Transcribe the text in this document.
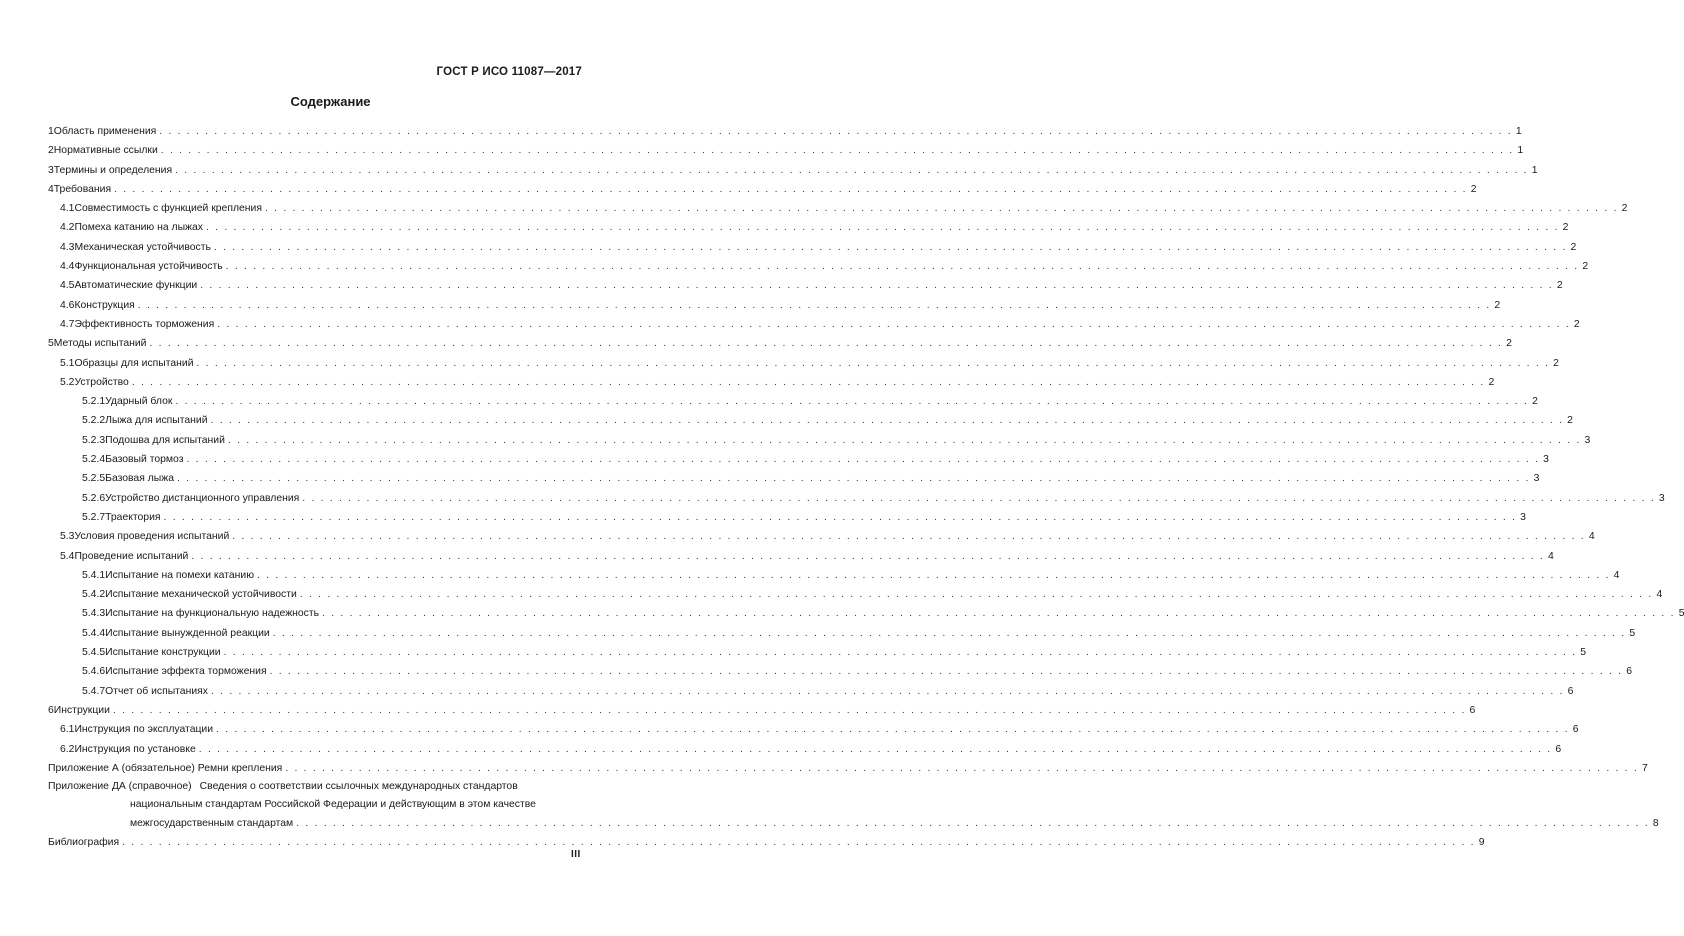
ГОСТ Р ИСО 11087—2017
Содержание
1 Область применения . . .	1
2 Нормативные ссылки . . .	1
3 Термины и определения . . .	1
4 Требования . . .	2
4.1 Совместимость с функцией крепления . . .	2
4.2 Помеха катанию на лыжах . . .	2
4.3 Механическая устойчивость . . .	2
4.4 Функциональная устойчивость . . .	2
4.5 Автоматические функции . . .	2
4.6 Конструкция . . .	2
4.7 Эффективность торможения . . .	2
5 Методы испытаний . . .	2
5.1 Образцы для испытаний . . .	2
5.2 Устройство . . .	2
5.2.1 Ударный блок . . .	2
5.2.2 Лыжа для испытаний . . .	2
5.2.3 Подошва для испытаний . . .	3
5.2.4 Базовый тормоз . . .	3
5.2.5 Базовая лыжа . . .	3
5.2.6 Устройство дистанционного управления . . .	3
5.2.7 Траектория . . .	3
5.3 Условия проведения испытаний . . .	4
5.4 Проведение испытаний . . .	4
5.4.1 Испытание на помехи катанию . . .	4
5.4.2 Испытание механической устойчивости . . .	4
5.4.3 Испытание на функциональную надежность . . .	5
5.4.4 Испытание вынужденной реакции . . .	5
5.4.5 Испытание конструкции . . .	5
5.4.6 Испытание эффекта торможения . . .	6
5.4.7 Отчет об испытаниях . . .	6
6 Инструкции . . .	6
6.1 Инструкция по эксплуатации . . .	6
6.2 Инструкция по установке . . .	6
Приложение А (обязательное) Ремни крепления . . .	7
Приложение ДА (справочное) Сведения о соответствии ссылочных международных стандартов
национальным стандартам Российской Федерации и действующим в этом качестве
межгосударственным стандартам . . .	8
Библиография . . .	9
III
